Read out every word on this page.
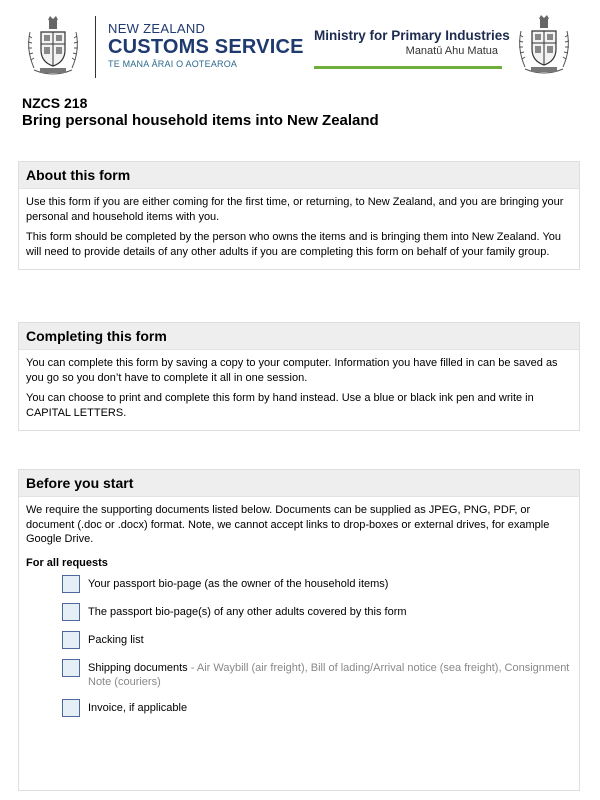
NEW ZEALAND
CUSTOMS SERVICE
TE MANA ĀRAI O AOTEAROA
Ministry for Primary Industries
Manatū Ahu Matua
NZCS 218
Bring personal household items into New Zealand
About this form

Use this form if you are either coming for the first time, or returning, to New Zealand, and you are bringing your personal and household items with you.

This form should be completed by the person who owns the items and is bringing them into New Zealand. You will need to provide details of any other adults if you are completing this form on behalf of your family group.

Completing this form

You can complete this form by saving a copy to your computer. Information you have filled in can be saved as you go so you don’t have to complete it all in one session.

You can choose to print and complete this form by hand instead. Use a blue or black ink pen and write in CAPITAL LETTERS.

Before you start

We require the supporting documents listed below. Documents can be supplied as JPEG, PNG, PDF, or document (.doc or .docx) format. Note, we cannot accept links to drop-boxes or external drives, for example Google Drive.

For all requests
Your passport bio-page (as the owner of the household items)
The passport bio-page(s) of any other adults covered by this form
Packing list
Shipping documents - Air Waybill (air freight), Bill of lading/Arrival notice (sea freight), Consignment Note (couriers)
Invoice, if applicable
